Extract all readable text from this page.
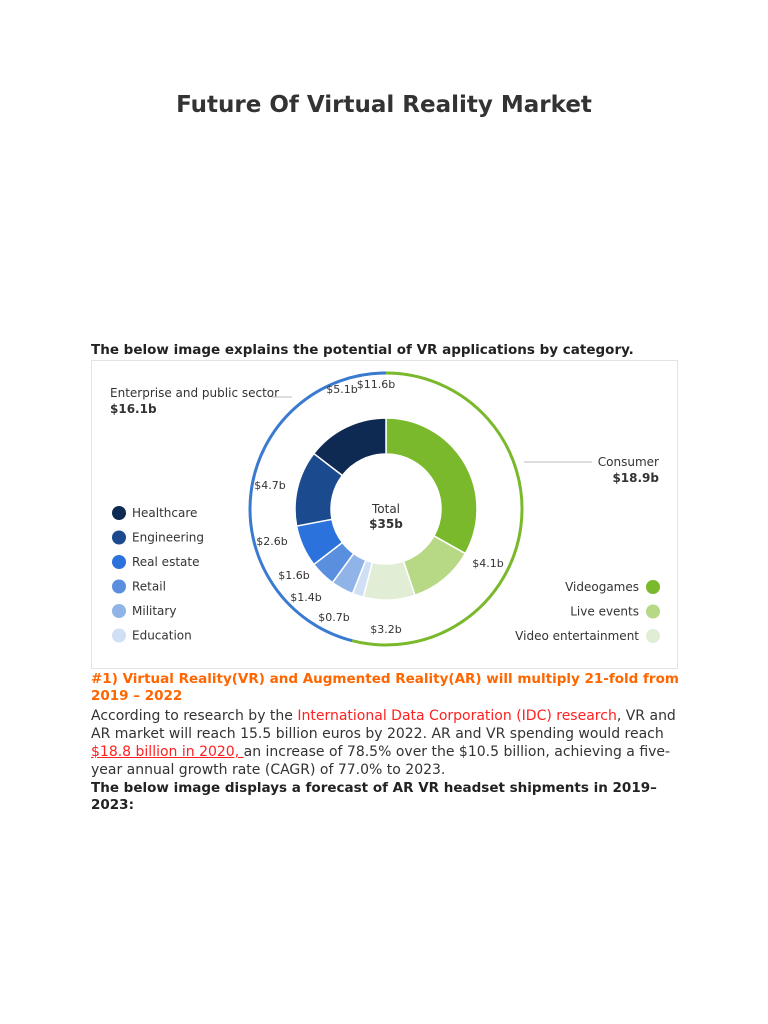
Future Of Virtual Reality Market
The below image explains the potential of VR applications by category.
$11.6b
$4.1b
$3.2b
$0.7b
$1.4b
$1.6b
$2.6b
$4.7b
$5.1b
Healthcare
Engineering
Real estate
Retail
Military
Education
Videogames
Live events
Video entertainment
Total
$35b
Enterprise and public sector
$16.1b
Consumer
$18.9b
#1) Virtual Reality(VR) and Augmented Reality(AR) will multiply 21-fold from 2019 – 2022
According to research by the International Data Corporation (IDC) research, VR and AR market will reach 15.5 billion euros by 2022. AR and VR spending would reach $18.8 billion in 2020, an increase of 78.5% over the $10.5 billion, achieving a five-year annual growth rate (CAGR) of 77.0% to 2023.
The below image displays a forecast of AR VR headset shipments in 2019–2023:
